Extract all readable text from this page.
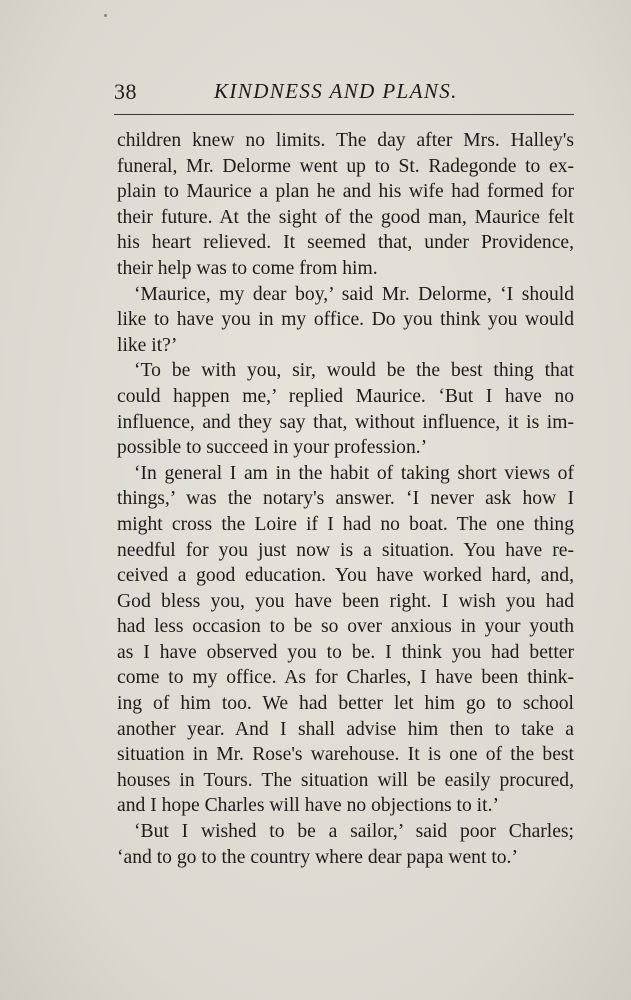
38	KINDNESS AND PLANS.
children knew no limits. The day after Mrs. Halley's
funeral, Mr. Delorme went up to St. Radegonde to ex-
plain to Maurice a plan he and his wife had formed for
their future. At the sight of the good man, Maurice felt
his heart relieved. It seemed that, under Providence,
their help was to come from him.
‘Maurice, my dear boy,’ said Mr. Delorme, ‘I should
like to have you in my office. Do you think you would
like it?’
‘To be with you, sir, would be the best thing that
could happen me,’ replied Maurice. ‘But I have no
influence, and they say that, without influence, it is im-
possible to succeed in your profession.’
‘In general I am in the habit of taking short views of
things,’ was the notary's answer. ‘I never ask how I
might cross the Loire if I had no boat. The one thing
needful for you just now is a situation. You have re-
ceived a good education. You have worked hard, and,
God bless you, you have been right. I wish you had
had less occasion to be so over anxious in your youth
as I have observed you to be. I think you had better
come to my office. As for Charles, I have been think-
ing of him too. We had better let him go to school
another year. And I shall advise him then to take a
situation in Mr. Rose's warehouse. It is one of the best
houses in Tours. The situation will be easily procured,
and I hope Charles will have no objections to it.’
‘But I wished to be a sailor,’ said poor Charles;
‘and to go to the country where dear papa went to.’
